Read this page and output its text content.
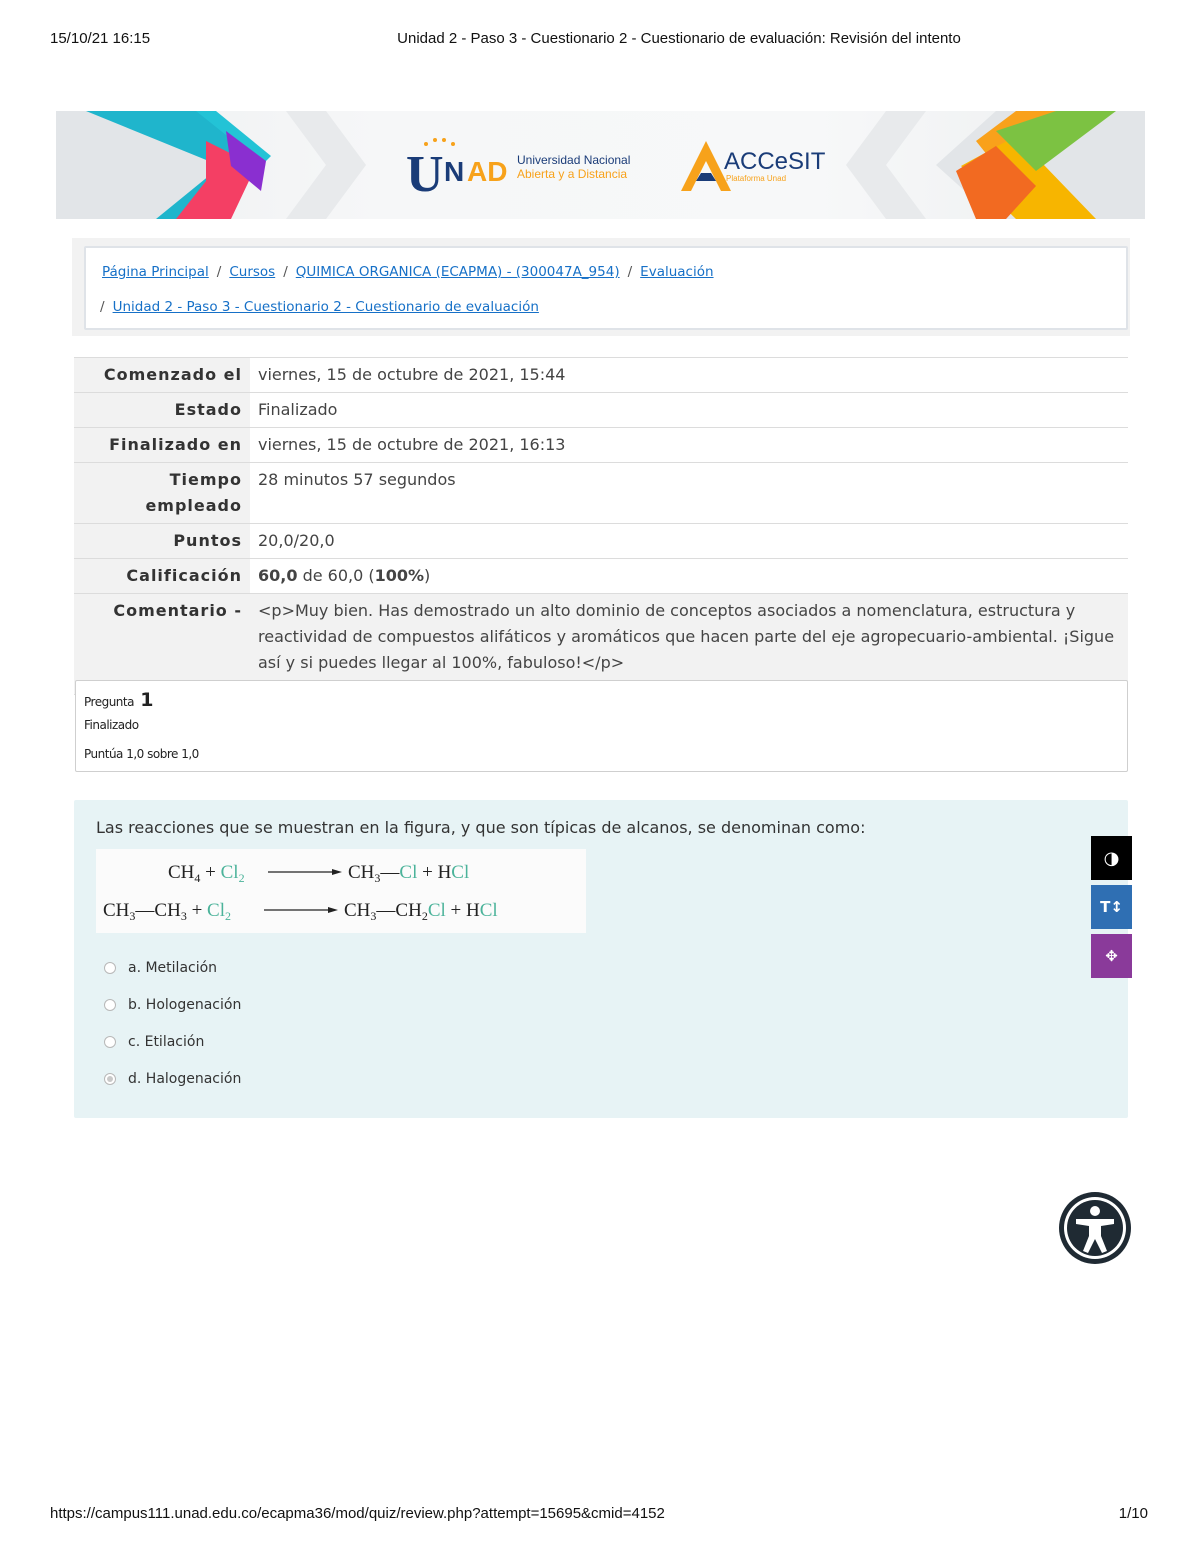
15/10/21 16:15	Unidad 2 - Paso 3 - Cuestionario 2 - Cuestionario de evaluación: Revisión del intento
U N AD Universidad Nacional
Abierta y a Distancia	ACCeSIT
Plataforma Unad
Página Principal / Cursos / QUIMICA ORGANICA (ECAPMA) - (300047A_954) / Evaluación
/ Unidad 2 - Paso 3 - Cuestionario 2 - Cuestionario de evaluación
Comenzado el	viernes, 15 de octubre de 2021, 15:44
Estado	Finalizado
Finalizado en	viernes, 15 de octubre de 2021, 16:13
Tiempo
empleado	28 minutos 57 segundos
Puntos	20,0/20,0
Calificación	60,0 de 60,0 (100%)
Comentario -	<p>Muy bien. Has demostrado un alto dominio de conceptos asociados a nomenclatura, estructura y reactividad de compuestos alifáticos y aromáticos que hacen parte del eje agropecuario-ambiental. ¡Sigue así y si puedes llegar al 100%, fabuloso!</p>
Pregunta 1
Finalizado
Puntúa 1,0 sobre 1,0
Las reacciones que se muestran en la figura, y que son típicas de alcanos, se denominan como:
$CH_4 + Cl_2$	$CH_3—Cl$ + HCl
$CH_3—CH_3 + Cl_2$	$CH_3—CH_2Cl$ + HCl
a. Metilación
b. Hologenación
c. Etilación
d. Halogenación
◑
T↕
✥
https://campus111.unad.edu.co/ecapma36/mod/quiz/review.php?attempt=15695&cmid=4152	1/10
